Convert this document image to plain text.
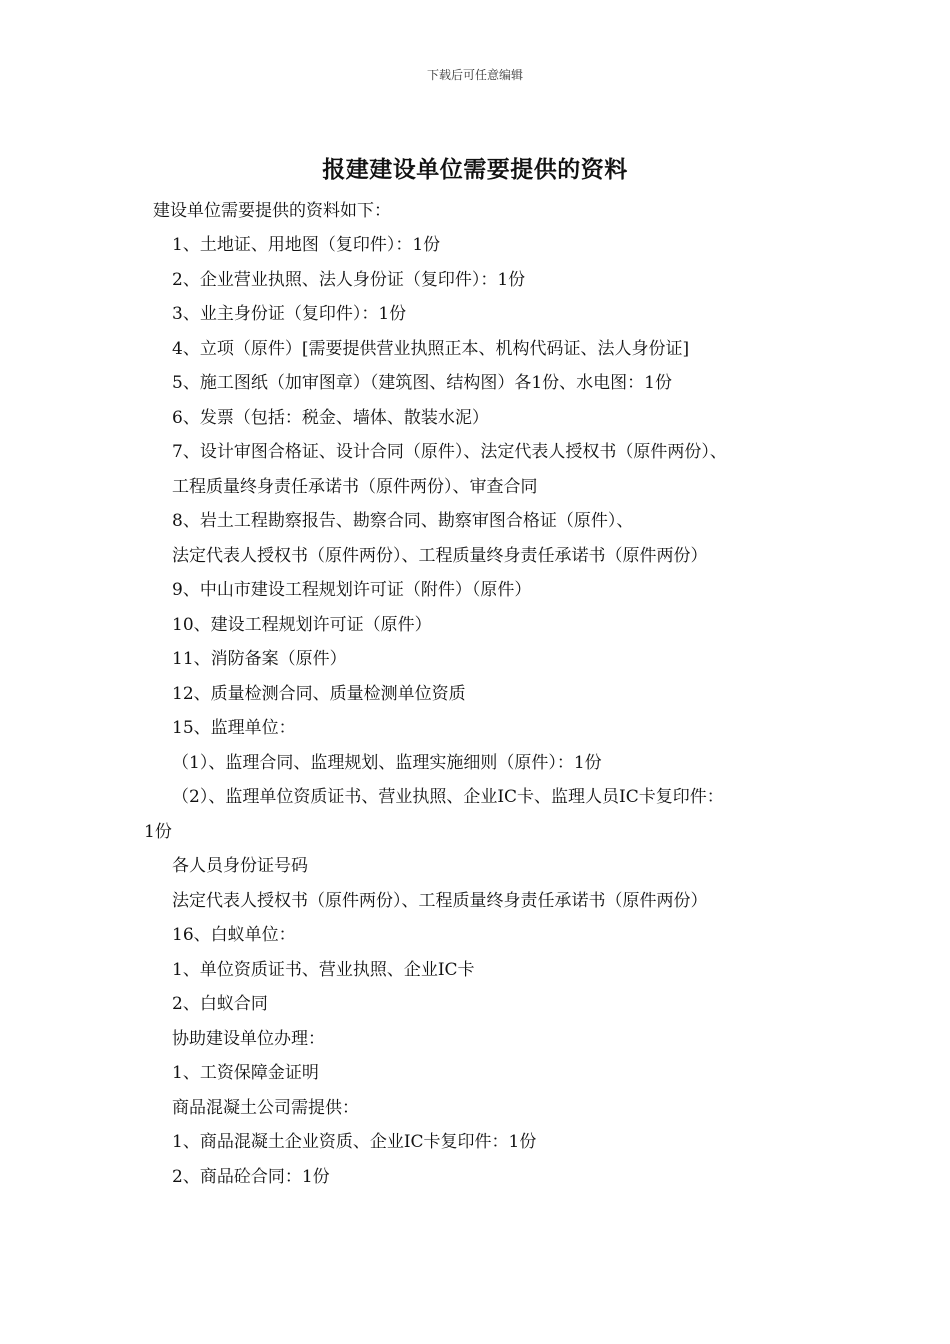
下载后可任意编辑
报建建设单位需要提供的资料
建设单位需要提供的资料如下：
1、土地证、用地图（复印件）：1份
2、企业营业执照、法人身份证（复印件）：1份
3、业主身份证（复印件）：1份
4、立项（原件）[需要提供营业执照正本、机构代码证、法人身份证]
5、施工图纸（加审图章）（建筑图、结构图）各1份、水电图：1份
6、发票（包括：税金、墙体、散装水泥）
7、设计审图合格证、设计合同（原件）、法定代表人授权书（原件两份）、
工程质量终身责任承诺书（原件两份）、审查合同
8、岩土工程勘察报告、勘察合同、勘察审图合格证（原件）、
法定代表人授权书（原件两份）、工程质量终身责任承诺书（原件两份）
9、中山市建设工程规划许可证（附件）（原件）
10、建设工程规划许可证（原件）
11、消防备案（原件）
12、质量检测合同、质量检测单位资质
15、监理单位：
（1）、监理合同、监理规划、监理实施细则（原件）：1份
（2）、监理单位资质证书、营业执照、企业IC卡、监理人员IC卡复印件：
1份
各人员身份证号码
法定代表人授权书（原件两份）、工程质量终身责任承诺书（原件两份）
16、白蚁单位：
1、单位资质证书、营业执照、企业IC卡
2、白蚁合同
协助建设单位办理：
1、工资保障金证明
商品混凝土公司需提供：
1、商品混凝土企业资质、企业IC卡复印件：1份
2、商品砼合同：1份
